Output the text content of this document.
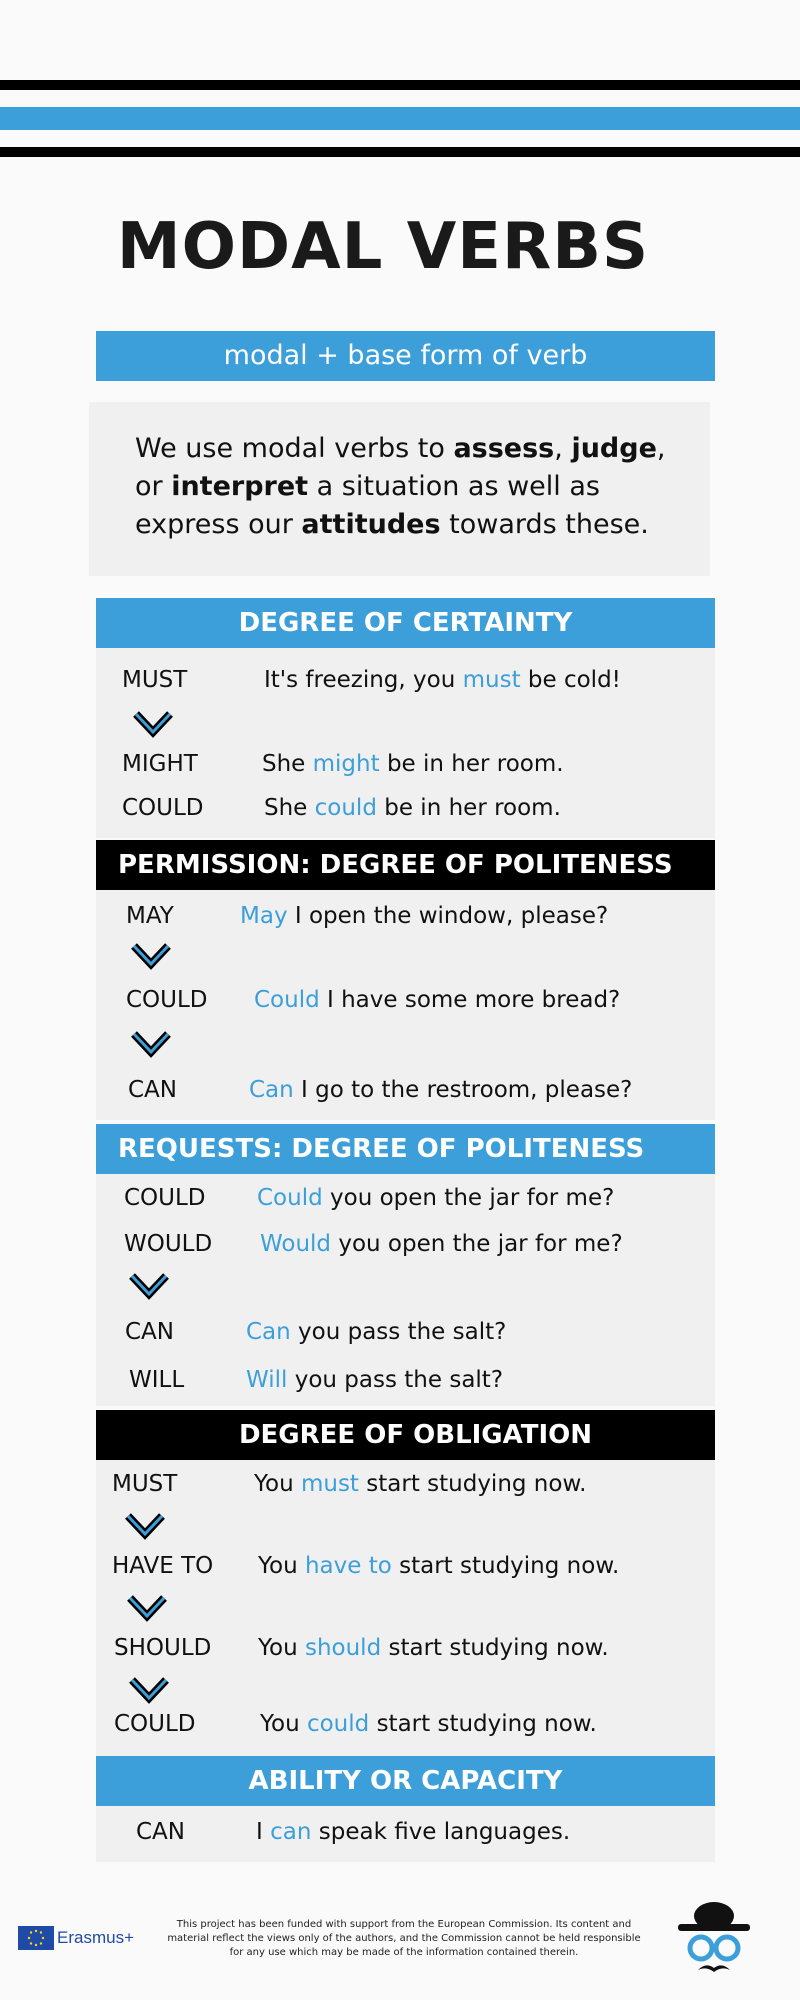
MODAL VERBS
modal + base form of verb
We use modal verbs to assess, judge,
or interpret a situation as well as
express our attitudes towards these.
DEGREE OF CERTAINTY
MUST	It's freezing, you must be cold!
MIGHT	She might be in her room.
COULD	She could be in her room.
PERMISSION: DEGREE OF POLITENESS
MAY	May I open the window, please?
COULD Could I have some more bread?
CAN	Can I go to the restroom, please?
REQUESTS: DEGREE OF POLITENESS
COULD Could you open the jar for me?
WOULD Would you open the jar for me?
CAN	Can you pass the salt?
WILL	Will you pass the salt?
DEGREE OF OBLIGATION
MUST	You must start studying now.
HAVE TO You have to start studying now.
SHOULD You should start studying now.
COULD	You could start studying now.
ABILITY OR CAPACITY
CAN	I can speak five languages.
Erasmus+
This project has been funded with support from the European Commission. Its content and
material reflect the views only of the authors, and the Commission cannot be held responsible
for any use which may be made of the information contained therein.
